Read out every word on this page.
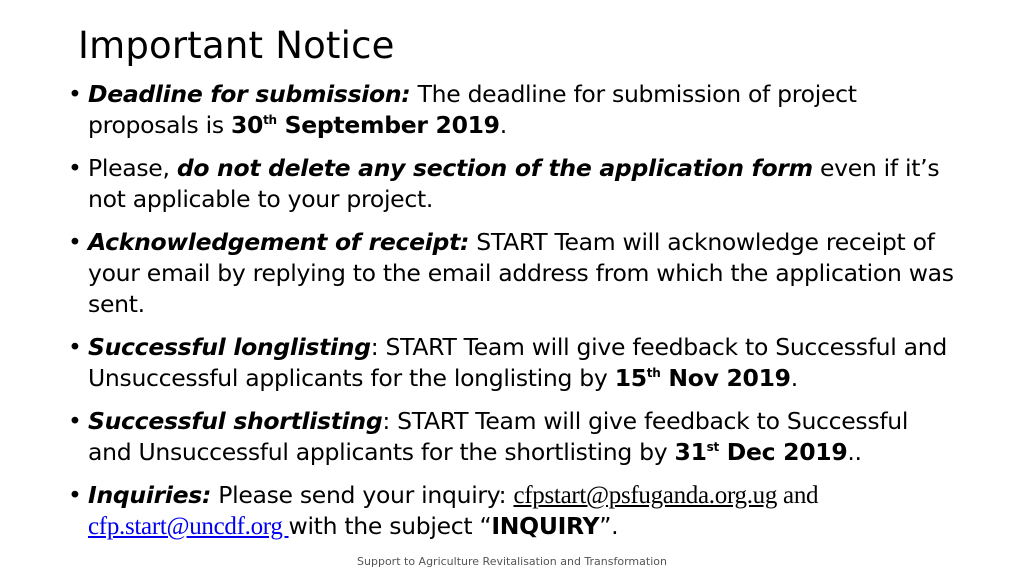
Important Notice
• Deadline for submission: The deadline for submission of project proposals is 30th September 2019.
• Please, do not delete any section of the application form even if it’s not applicable to your project.
• Acknowledgement of receipt: START Team will acknowledge receipt of your email by replying to the email address from which the application was sent.
• Successful longlisting: START Team will give feedback to Successful and Unsuccessful applicants for the longlisting by 15th Nov 2019.
• Successful shortlisting: START Team will give feedback to Successful and Unsuccessful applicants for the shortlisting by 31st Dec 2019..
• Inquiries: Please send your inquiry: cfpstart@psfuganda.org.ug and
cfp.start@uncdf.org with the subject “INQUIRY”.
Support to Agriculture Revitalisation and Transformation
